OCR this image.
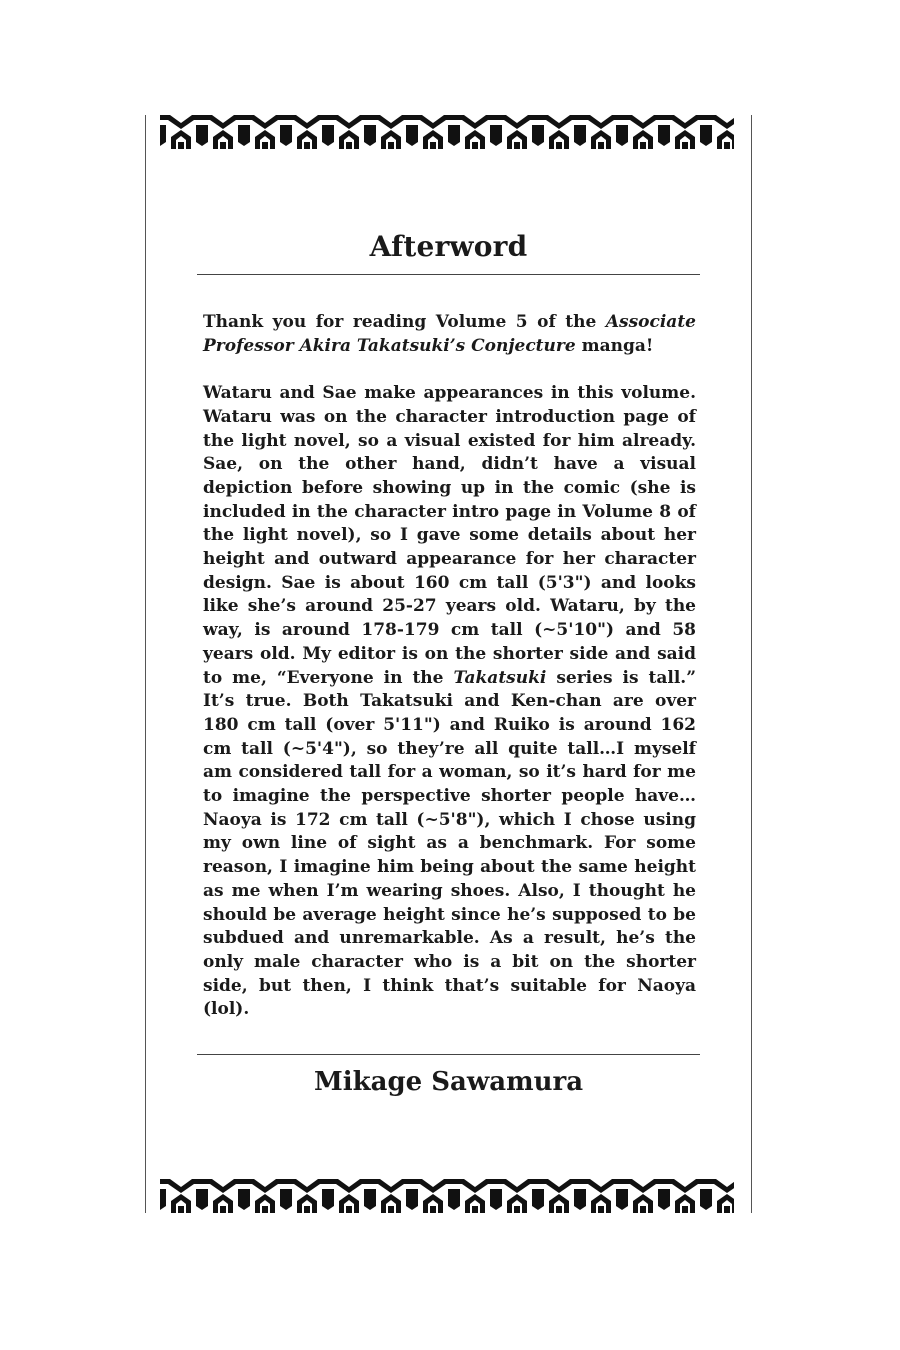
Afterword

Thank you for reading Volume 5 of the Associate Professor Akira Takatsuki’s Conjecture manga!

Wataru and Sae make appearances in this volume. Wataru was on the character introduction page of the light novel, so a visual existed for him already. Sae, on the other hand, didn’t have a visual depiction before showing up in the comic (she is included in the character intro page in Volume 8 of the light novel), so I gave some details about her height and outward appearance for her character design. Sae is about 160 cm tall (5'3") and looks like she’s around 25-27 years old. Wataru, by the way, is around 178-179 cm tall (~5'10") and 58 years old. My editor is on the shorter side and said to me, “Everyone in the Takatsuki series is tall.” It’s true. Both Takatsuki and Ken-chan are over 180 cm tall (over 5'11") and Ruiko is around 162 cm tall (~5'4"), so they’re all quite tall…I myself am considered tall for a woman, so it’s hard for me to imagine the perspective shorter people have…Naoya is 172 cm tall (~5'8"), which I chose using my own line of sight as a benchmark. For some reason, I imagine him being about the same height as me when I’m wearing shoes. Also, I thought he should be average height since he’s supposed to be subdued and unremarkable. As a result, he’s the only male character who is a bit on the shorter side, but then, I think that’s suitable for Naoya (lol).

Mikage Sawamura
